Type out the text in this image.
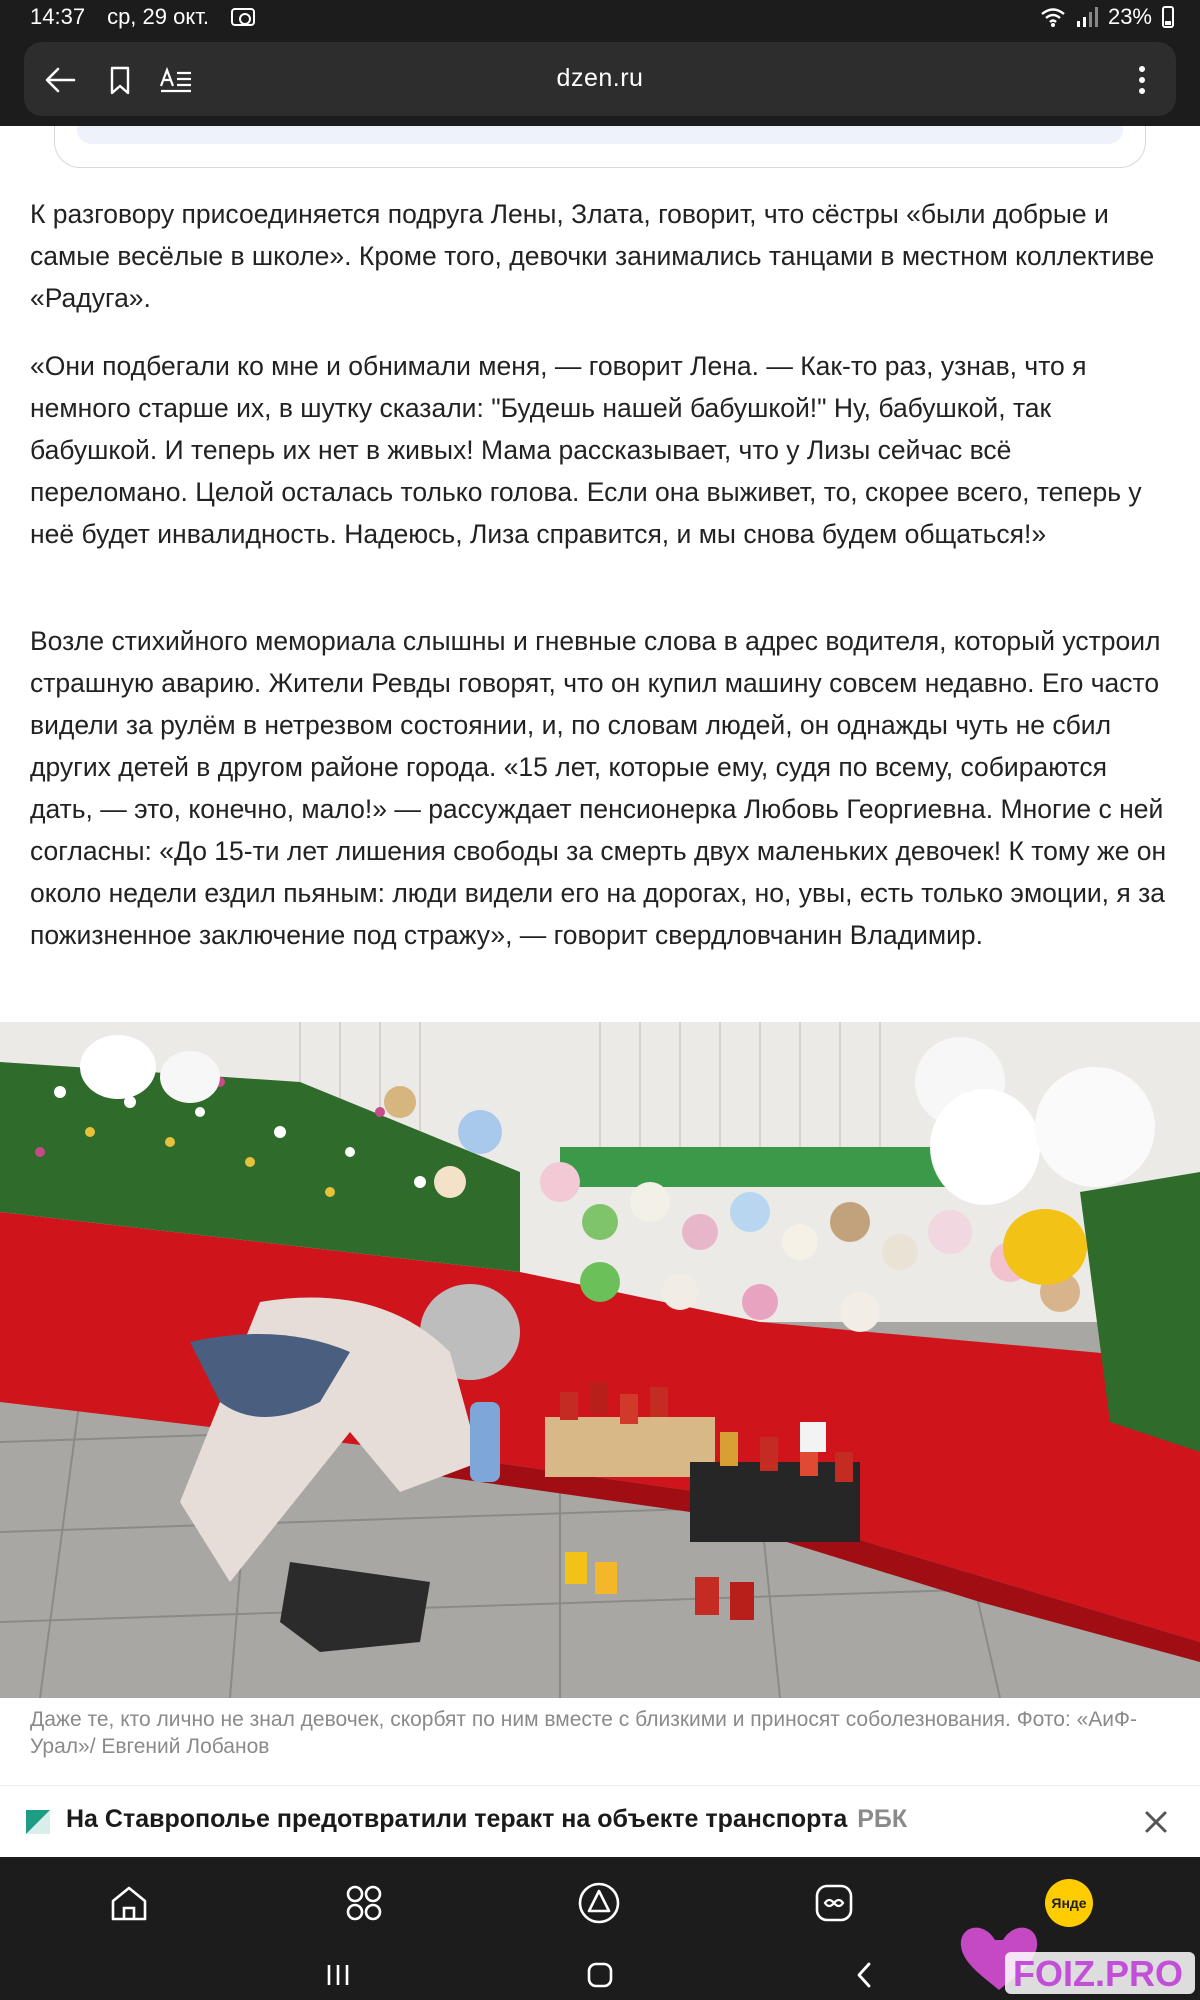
14:37 ср, 29 окт.	23%
dzen.ru

К разговору присоединяется подруга Лены, Злата, говорит, что сёстры «были добрые и самые весёлые в школе». Кроме того, девочки занимались танцами в местном коллективе «Радуга».

«Они подбегали ко мне и обнимали меня, — говорит Лена. — Как-то раз, узнав, что я немного старше их, в шутку сказали: "Будешь нашей бабушкой!" Ну, бабушкой, так бабушкой. И теперь их нет в живых! Мама рассказывает, что у Лизы сейчас всё переломано. Целой осталась только голова. Если она выживет, то, скорее всего, теперь у неё будет инвалидность. Надеюсь, Лиза справится, и мы снова будем общаться!»

Возле стихийного мемориала слышны и гневные слова в адрес водителя, который устроил страшную аварию. Жители Ревды говорят, что он купил машину совсем недавно. Его часто видели за рулём в нетрезвом состоянии, и, по словам людей, он однажды чуть не сбил других детей в другом районе города. «15 лет, которые ему, судя по всему, собираются дать, — это, конечно, мало!» — рассуждает пенсионерка Любовь Георгиевна. Многие с ней согласны: «До 15-ти лет лишения свободы за смерть двух маленьких девочек! К тому же он около недели ездил пьяным: люди видели его на дорогах, но, увы, есть только эмоции, я за пожизненное заключение под стражу», — говорит свердловчанин Владимир.

Даже те, кто лично не знал девочек, скорбят по ним вместе с близкими и приносят соболезнования. Фото: «АиФ-Урал»/ Евгений Лобанов
На Ставрополье предотвратили теракт на объекте транспорта РБК
Янде
FOIZ.PRO
